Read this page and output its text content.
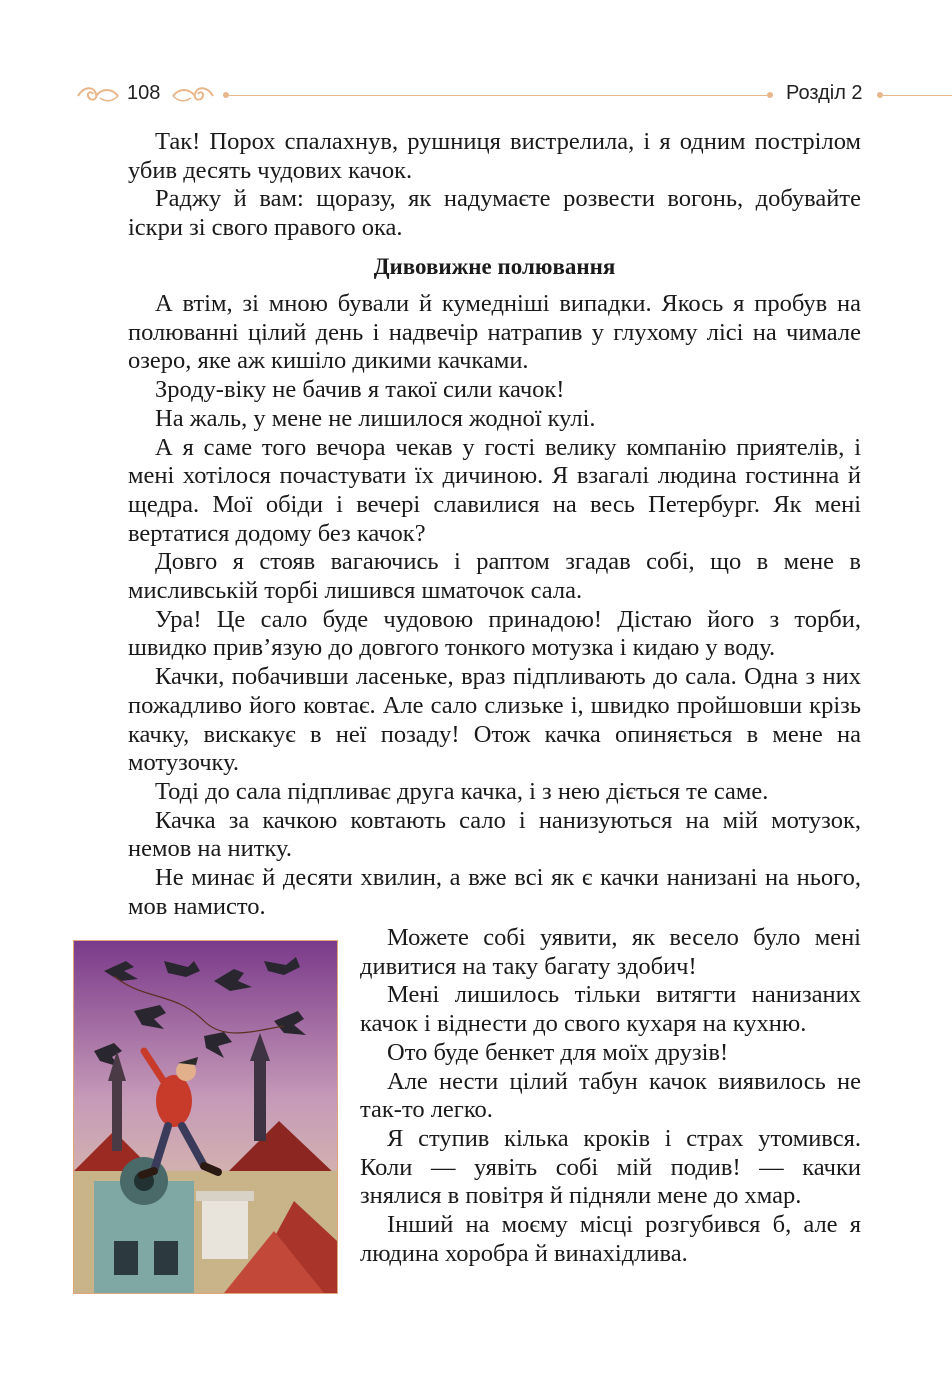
108	Розділ 2

Так! Порох спалахнув, рушниця вистрелила, і я одним пострілом убив десять чудових качок.

Раджу й вам: щоразу, як надумаєте розвести вогонь, добувайте іскри зі свого правого ока.

Дивовижне полювання

А втім, зі мною бували й кумедніші випадки. Якось я пробув на полюванні цілий день і надвечір натрапив у глухому лісі на чимале озеро, яке аж кишіло дикими качками.

Зроду-віку не бачив я такої сили качок!

На жаль, у мене не лишилося жодної кулі.

А я саме того вечора чекав у гості велику компанію приятелів, і мені хотілося почастувати їх дичиною. Я взагалі людина гостинна й щедра. Мої обіди і вечері славилися на весь Петербург. Як мені вертатися додому без качок?

Довго я стояв вагаючись і раптом згадав собі, що в мене в мисливській торбі лишився шматочок сала.

Ура! Це сало буде чудовою принадою! Дістаю його з торби, швидко прив’язую до довгого тонкого мотузка і кидаю у воду.

Качки, побачивши ласеньке, враз підпливають до сала. Одна з них пожадливо його ковтає. Але сало слизьке і, швидко пройшовши крізь качку, вискакує в неї позаду! Отож качка опиняється в мене на мотузочку.

Тоді до сала підпливає друга качка, і з нею діється те саме.

Качка за качкою ковтають сало і нанизуються на мій мотузок, немов на нитку.

Не минає й десяти хвилин, а вже всі як є качки нанизані на нього, мов намисто.

Можете собі уявити, як весело було мені дивитися на таку багату здобич!

Мені лишилось тільки витягти нанизаних качок і віднести до свого кухаря на кухню.

Ото буде бенкет для моїх друзів!

Але нести цілий табун качок виявилось не так-то легко.

Я ступив кілька кроків і страх утомився. Коли — уявіть собі мій подив! — качки знялися в повітря й підняли мене до хмар.

Інший на моєму місці розгубився б, але я людина хоробра й винахідлива.
